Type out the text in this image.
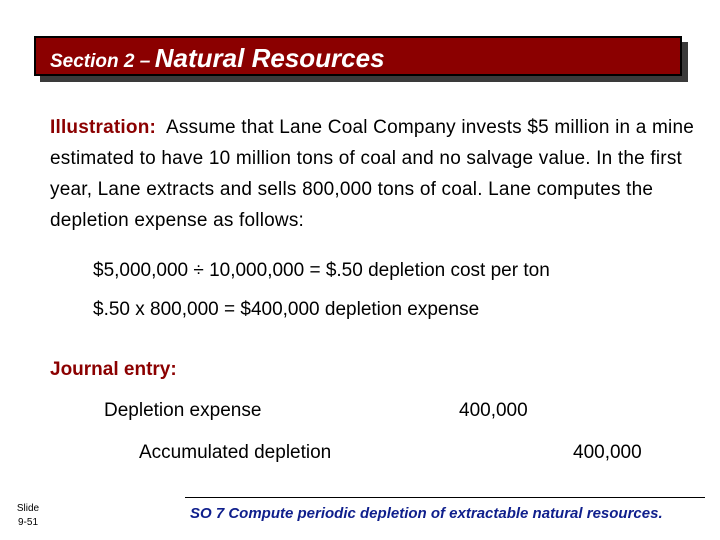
Section 2 – Natural Resources
Illustration: Assume that Lane Coal Company invests $5 million in a mine estimated to have 10 million tons of coal and no salvage value. In the first year, Lane extracts and sells 800,000 tons of coal. Lane computes the depletion expense as follows:
$5,000,000 ÷ 10,000,000 = $.50 depletion cost per ton
$.50 x 800,000 = $400,000 depletion expense
Journal entry:
Depletion expense	400,000
Accumulated depletion	400,000
Slide
9-51
SO 7 Compute periodic depletion of extractable natural resources.
